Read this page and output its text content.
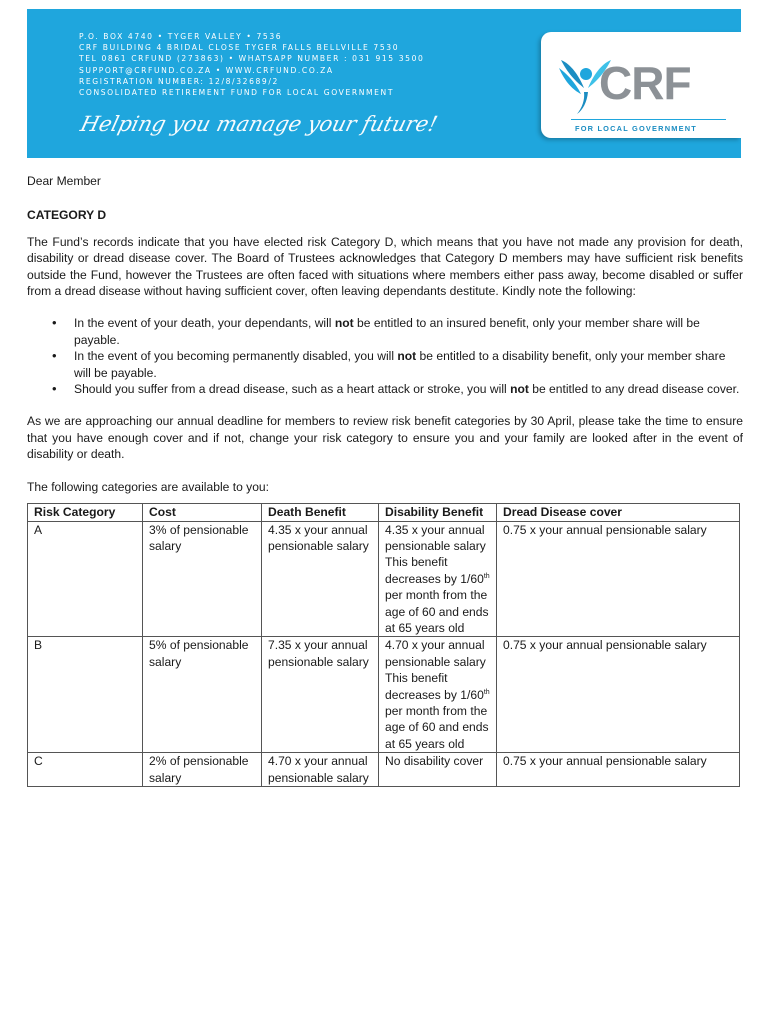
P.O. BOX 4740 • TYGER VALLEY • 7536
CRF BUILDING 4 BRIDAL CLOSE TYGER FALLS BELLVILLE 7530
TEL 0861 CRFUND (273863) • WHATSAPP NUMBER : 031 915 3500
SUPPORT@CRFUND.CO.ZA • WWW.CRFUND.CO.ZA
REGISTRATION NUMBER: 12/8/32689/2
CONSOLIDATED RETIREMENT FUND FOR LOCAL GOVERNMENT
Helping you manage your future!
CRF
FOR LOCAL GOVERNMENT

Dear Member

CATEGORY D

The Fund’s records indicate that you have elected risk Category D, which means that you have not made any provision for death, disability or dread disease cover. The Board of Trustees acknowledges that Category D members may have sufficient risk benefits outside the Fund, however the Trustees are often faced with situations where members either pass away, become disabled or suffer from a dread disease without having sufficient cover, often leaving dependants destitute. Kindly note the following:

• In the event of your death, your dependants, will not be entitled to an insured benefit, only your member share will be payable.
• In the event of you becoming permanently disabled, you will not be entitled to a disability benefit, only your member share will be payable.
• Should you suffer from a dread disease, such as a heart attack or stroke, you will not be entitled to any dread disease cover.

As we are approaching our annual deadline for members to review risk benefit categories by 30 April, please take the time to ensure that you have enough cover and if not, change your risk category to ensure you and your family are looked after in the event of disability or death.

The following categories are available to you:

Risk Category	Cost	Death Benefit	Disability Benefit	Dread Disease cover
A	3% of pensionable salary	4.35 x your annual pensionable salary	4.35 x your annual pensionable salary
This benefit decreases by 1/60th per month from the age of 60 and ends at 65 years old	0.75 x your annual pensionable salary
B	5% of pensionable salary	7.35 x your annual pensionable salary	4.70 x your annual pensionable salary
This benefit decreases by 1/60th per month from the age of 60 and ends at 65 years old	0.75 x your annual pensionable salary
C	2% of pensionable salary	4.70 x your annual pensionable salary	No disability cover	0.75 x your annual pensionable salary
